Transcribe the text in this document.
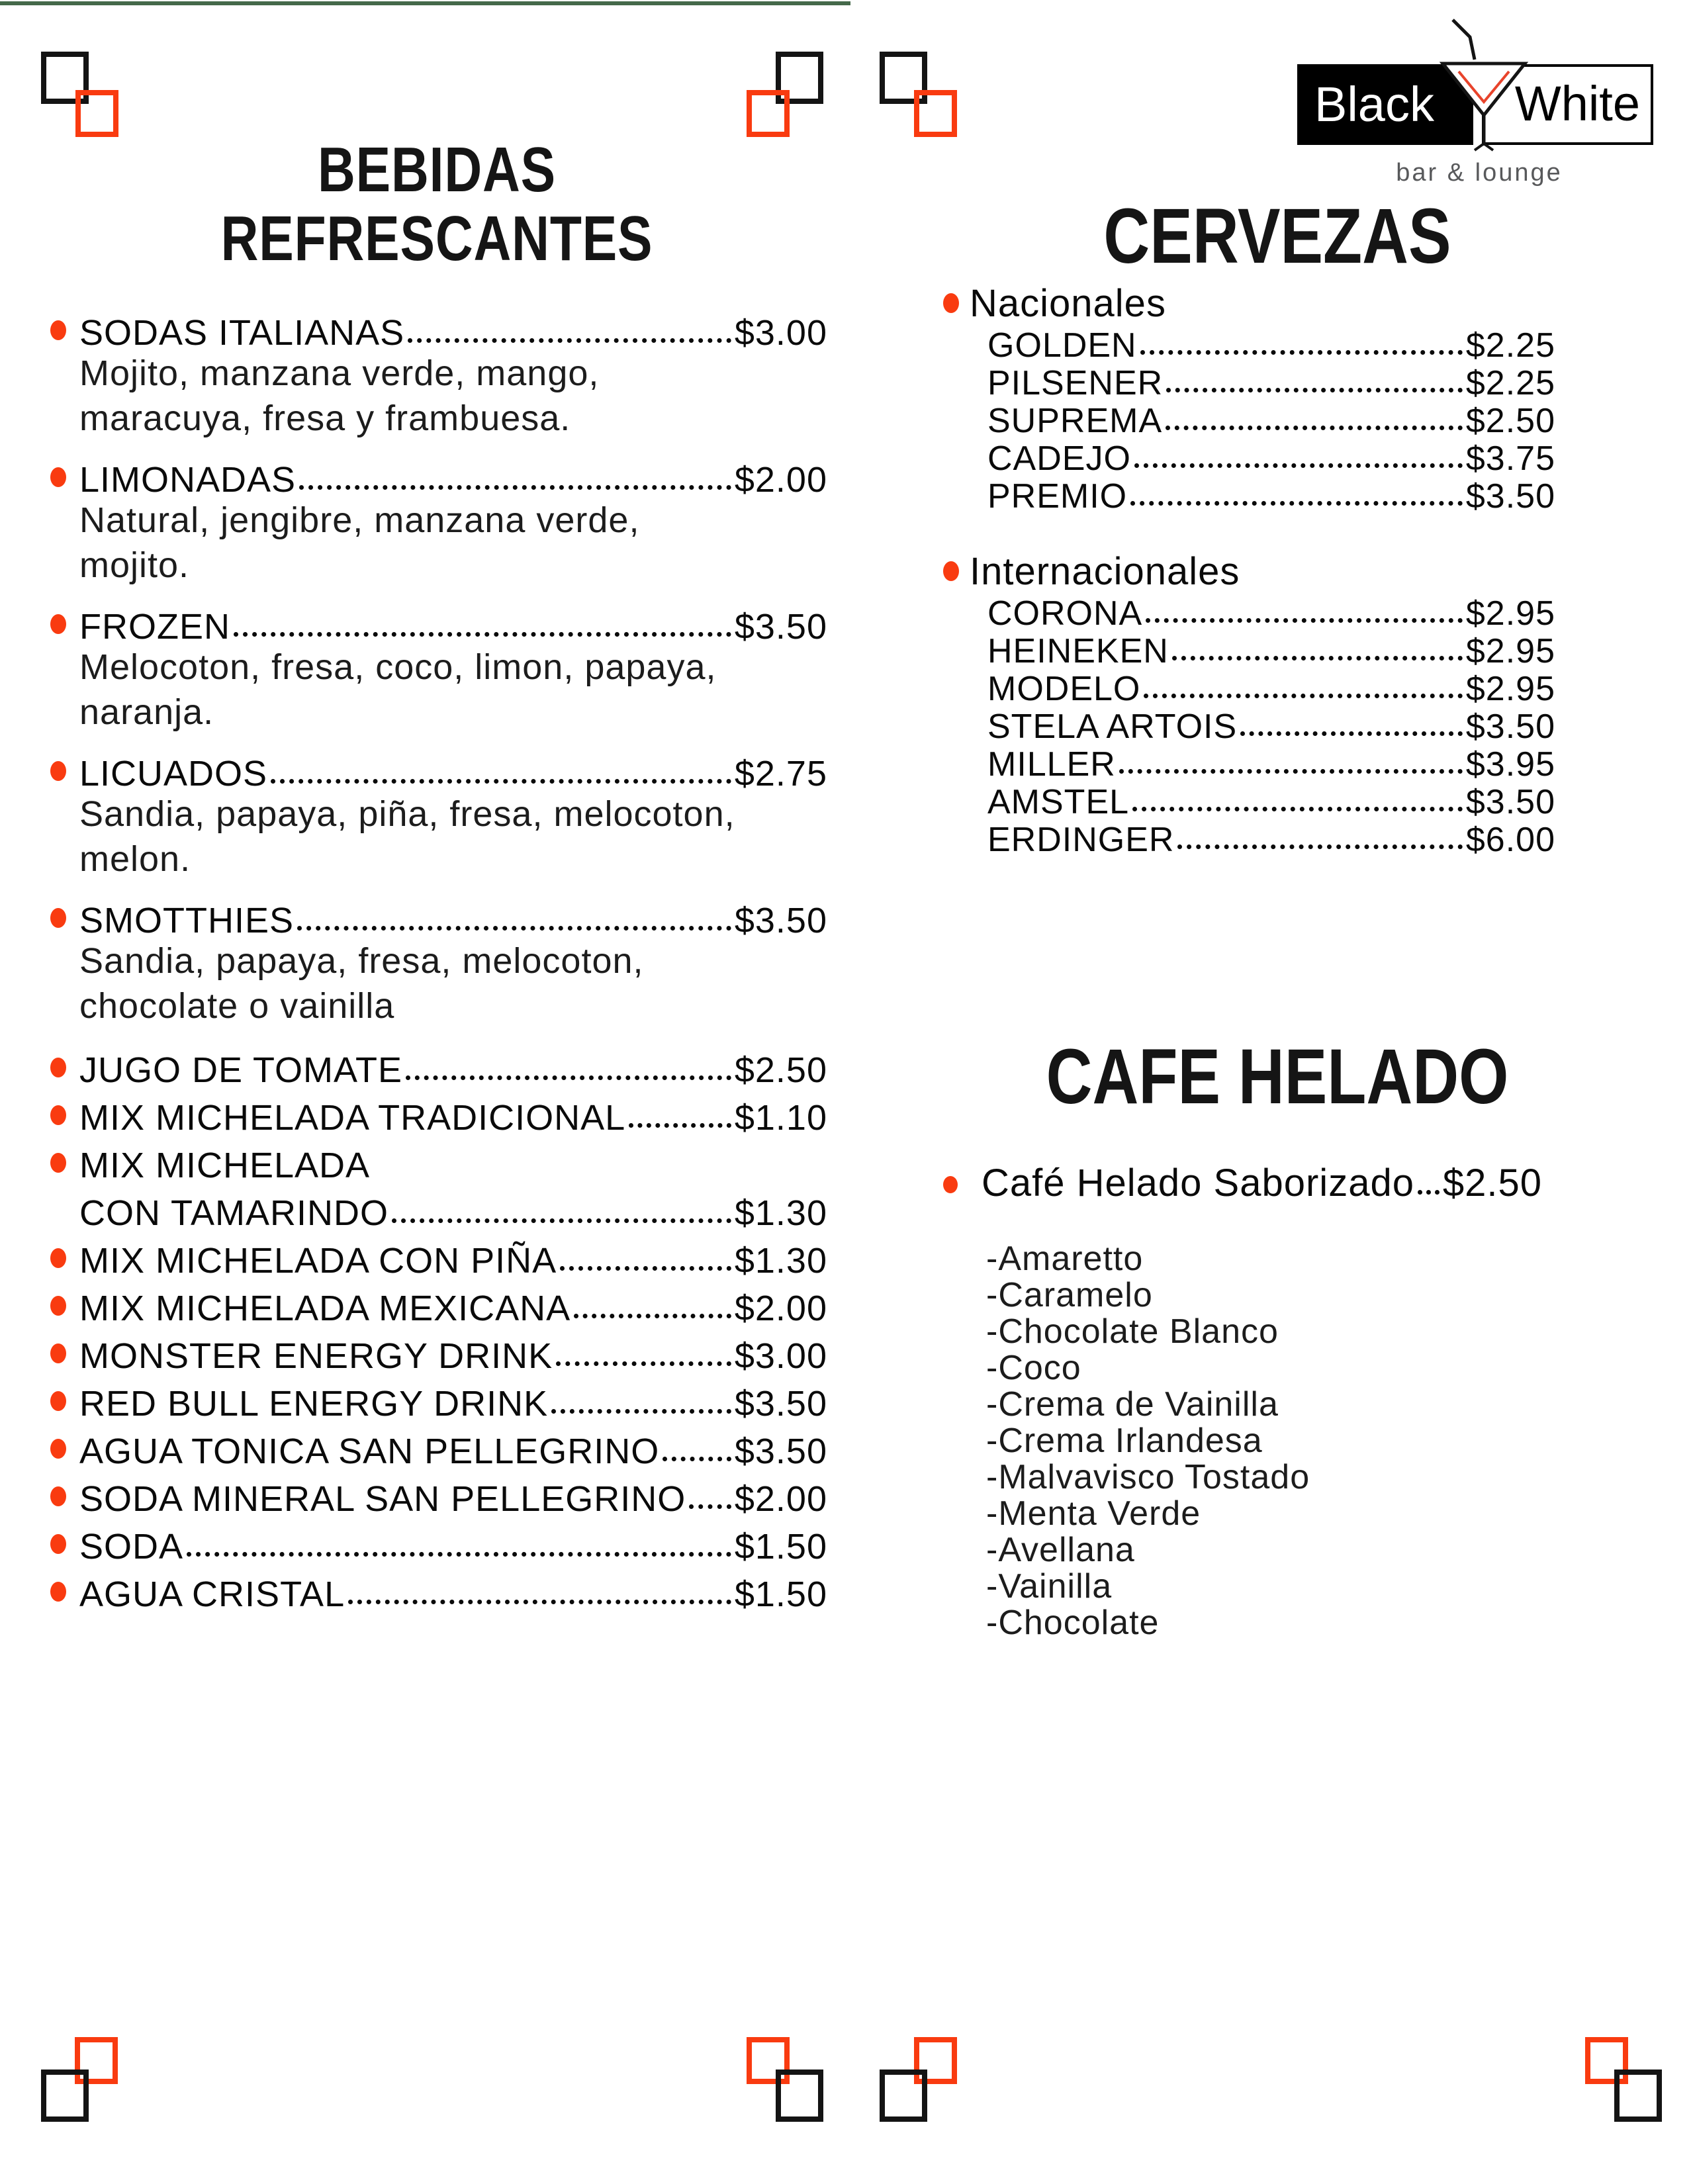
Black	White
bar & lounge
BEBIDAS
REFRESCANTES
SODAS ITALIANAS	$3.00
Mojito, manzana verde, mango,
maracuya, fresa y frambuesa.
LIMONADAS	$2.00
Natural, jengibre, manzana verde,
mojito.
FROZEN	$3.50
Melocoton, fresa, coco, limon, papaya,
naranja.
LICUADOS	$2.75
Sandia, papaya, piña, fresa, melocoton,
melon.
SMOTTHIES	$3.50
Sandia, papaya, fresa, melocoton,
chocolate o vainilla
JUGO DE TOMATE	$2.50
MIX MICHELADA TRADICIONAL	$1.10
MIX MICHELADA
CON TAMARINDO	$1.30
MIX MICHELADA CON PIÑA	$1.30
MIX MICHELADA MEXICANA	$2.00
MONSTER ENERGY DRINK	$3.00
RED BULL ENERGY DRINK	$3.50
AGUA TONICA SAN PELLEGRINO $3.50
SODA MINERAL SAN PELLEGRINO $2.00
SODA	$1.50
AGUA CRISTAL	$1.50
CERVEZAS
Nacionales
GOLDEN	$2.25
PILSENER	$2.25
SUPREMA	$2.50
CADEJO	$3.75
PREMIO	$3.50
Internacionales
CORONA	$2.95
HEINEKEN	$2.95
MODELO	$2.95
STELA ARTOIS	$3.50
MILLER	$3.95
AMSTEL	$3.50
ERDINGER	$6.00
CAFE HELADO
Café Helado Saborizado $2.50
-Amaretto
-Caramelo
-Chocolate Blanco
-Coco
-Crema de Vainilla
-Crema Irlandesa
-Malvavisco Tostado
-Menta Verde
-Avellana
-Vainilla
-Chocolate
